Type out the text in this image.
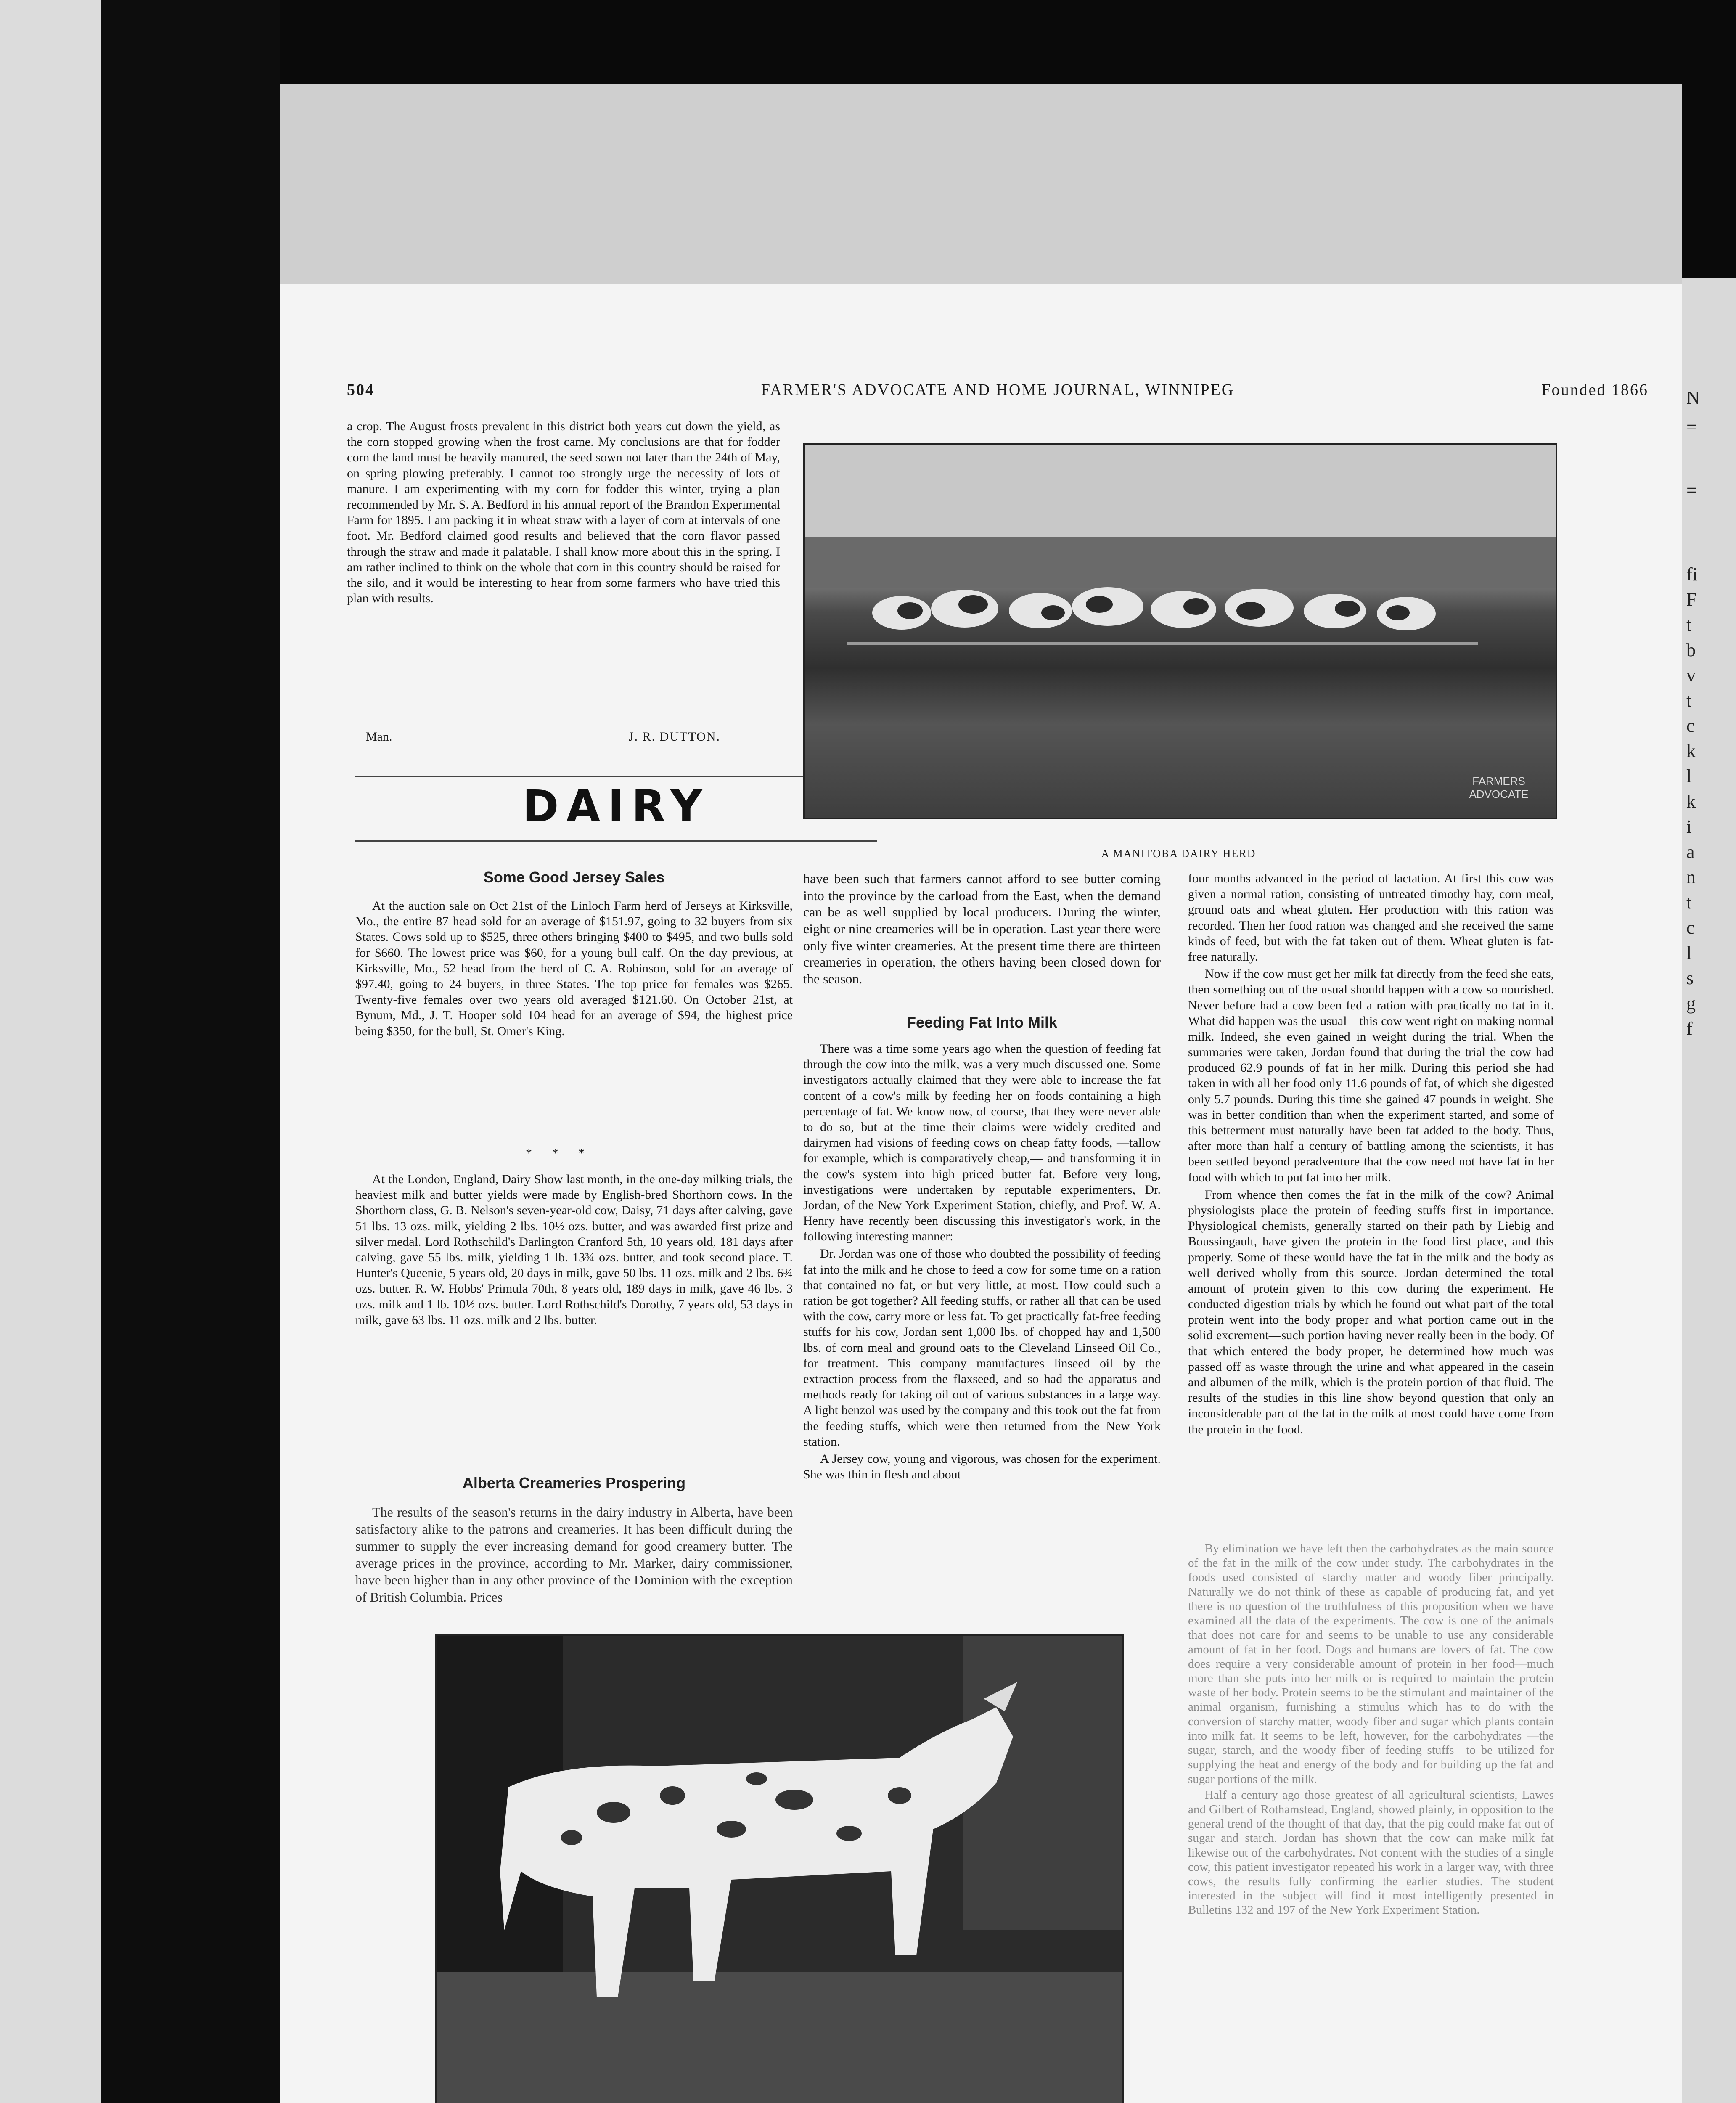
N
=
=
fi
F
t
b
v
t
c
k
l
k
i
a
n
t
c
l
s
g
f
504	FARMER'S ADVOCATE AND HOME JOURNAL, WINNIPEG	Founded 1866

a crop. The August frosts prevalent in this district both years cut down the yield, as the corn stopped growing when the frost came. My conclusions are that for fodder corn the land must be heavily manured, the seed sown not later than the 24th of May, on spring plowing preferably. I cannot too strongly urge the necessity of lots of manure. I am experimenting with my corn for fodder this winter, trying a plan recommended by Mr. S. A. Bedford in his annual report of the Brandon Experimental Farm for 1895. I am packing it in wheat straw with a layer of corn at intervals of one foot. Mr. Bedford claimed good results and believed that the corn flavor passed through the straw and made it palatable. I shall know more about this in the spring. I am rather inclined to think on the whole that corn in this country should be raised for the silo, and it would be interesting to hear from some farmers who have tried this plan with results.

Man.	J. R. DUTTON.
DAIRY	FARMERS ADVOCATE
A MANITOBA DAIRY HERD
Some Good Jersey Sales

At the auction sale on Oct 21st of the Linloch Farm herd of Jerseys at Kirksville, Mo., the entire 87 head sold for an average of $151.97, going to 32 buyers from six States. Cows sold up to $525, three others bringing $400 to $495, and two bulls sold for $660. The lowest price was $60, for a young bull calf. On the day previous, at Kirksville, Mo., 52 head from the herd of C. A. Robinson, sold for an average of $97.40, going to 24 buyers, in three States. The top price for females was $265. Twenty-five females over two years old averaged $121.60. On October 21st, at Bynum, Md., J. T. Hooper sold 104 head for an average of $94, the highest price being $350, for the bull, St. Omer's King.

* * *

At the London, England, Dairy Show last month, in the one-day milking trials, the heaviest milk and butter yields were made by English-bred Shorthorn cows. In the Shorthorn class, G. B. Nelson's seven-year-old cow, Daisy, 71 days after calving, gave 51 lbs. 13 ozs. milk, yielding 2 lbs. 10½ ozs. butter, and was awarded first prize and silver medal. Lord Rothschild's Darlington Cranford 5th, 10 years old, 181 days after calving, gave 55 lbs. milk, yielding 1 lb. 13¾ ozs. butter, and took second place. T. Hunter's Queenie, 5 years old, 20 days in milk, gave 50 lbs. 11 ozs. milk and 2 lbs. 6¾ ozs. butter. R. W. Hobbs' Primula 70th, 8 years old, 189 days in milk, gave 46 lbs. 3 ozs. milk and 1 lb. 10½ ozs. butter. Lord Rothschild's Dorothy, 7 years old, 53 days in milk, gave 63 lbs. 11 ozs. milk and 2 lbs. butter.

Alberta Creameries Prospering

The results of the season's returns in the dairy industry in Alberta, have been satisfactory alike to the patrons and creameries. It has been difficult during the summer to supply the ever increasing demand for good creamery butter. The average prices in the province, according to Mr. Marker, dairy commissioner, have been higher than in any other province of the Dominion with the exception of British Columbia. Prices

have been such that farmers cannot afford to see butter coming into the province by the carload from the East, when the demand can be as well supplied by local producers. During the winter, eight or nine creameries will be in operation. Last year there were only five winter creameries. At the present time there are thirteen creameries in operation, the others having been closed down for the season.

Feeding Fat Into Milk

There was a time some years ago when the question of feeding fat through the cow into the milk, was a very much discussed one. Some investigators actually claimed that they were able to increase the fat content of a cow's milk by feeding her on foods containing a high percentage of fat. We know now, of course, that they were never able to do so, but at the time their claims were widely credited and dairymen had visions of feeding cows on cheap fatty foods, —tallow for example, which is comparatively cheap,— and transforming it in the cow's system into high priced butter fat. Before very long, investigations were undertaken by reputable experimenters, Dr. Jordan, of the New York Experiment Station, chiefly, and Prof. W. A. Henry have recently been discussing this investigator's work, in the following interesting manner:

Dr. Jordan was one of those who doubted the possibility of feeding fat into the milk and he chose to feed a cow for some time on a ration that contained no fat, or but very little, at most. How could such a ration be got together? All feeding stuffs, or rather all that can be used with the cow, carry more or less fat. To get practically fat-free feeding stuffs for his cow, Jordan sent 1,000 lbs. of chopped hay and 1,500 lbs. of corn meal and ground oats to the Cleveland Linseed Oil Co., for treatment. This company manufactures linseed oil by the extraction process from the flaxseed, and so had the apparatus and methods ready for taking oil out of various substances in a large way. A light benzol was used by the company and this took out the fat from the feeding stuffs, which were then returned from the New York station.

A Jersey cow, young and vigorous, was chosen for the experiment. She was thin in flesh and about

four months advanced in the period of lactation. At first this cow was given a normal ration, consisting of untreated timothy hay, corn meal, ground oats and wheat gluten. Her production with this ration was recorded. Then her food ration was changed and she received the same kinds of feed, but with the fat taken out of them. Wheat gluten is fat-free naturally.

Now if the cow must get her milk fat directly from the feed she eats, then something out of the usual should happen with a cow so nourished. Never before had a cow been fed a ration with practically no fat in it. What did happen was the usual—this cow went right on making normal milk. Indeed, she even gained in weight during the trial. When the summaries were taken, Jordan found that during the trial the cow had produced 62.9 pounds of fat in her milk. During this period she had taken in with all her food only 11.6 pounds of fat, of which she digested only 5.7 pounds. During this time she gained 47 pounds in weight. She was in better condition than when the experiment started, and some of this betterment must naturally have been fat added to the body. Thus, after more than half a century of battling among the scientists, it has been settled beyond peradventure that the cow need not have fat in her food with which to put fat into her milk.

From whence then comes the fat in the milk of the cow? Animal physiologists place the protein of feeding stuffs first in importance. Physiological chemists, generally started on their path by Liebig and Boussingault, have given the protein in the food first place, and this properly. Some of these would have the fat in the milk and the body as well derived wholly from this source. Jordan determined the total amount of protein given to this cow during the experiment. He conducted digestion trials by which he found out what part of the total protein went into the body proper and what portion came out in the solid excrement—such portion having never really been in the body. Of that which entered the body proper, he determined how much was passed off as waste through the urine and what appeared in the casein and albumen of the milk, which is the protein portion of that fluid. The results of the studies in this line show beyond question that only an inconsiderable part of the fat in the milk at most could have come from the protein in the food.

By elimination we have left then the carbohydrates as the main source of the fat in the milk of the cow under study. The carbohydrates in the foods used consisted of starchy matter and woody fiber principally. Naturally we do not think of these as capable of producing fat, and yet there is no question of the truthfulness of this proposition when we have examined all the data of the experiments. The cow is one of the animals that does not care for and seems to be unable to use any considerable amount of fat in her food. Dogs and humans are lovers of fat. The cow does require a very considerable amount of protein in her food—much more than she puts into her milk or is required to maintain the protein waste of her body. Protein seems to be the stimulant and maintainer of the animal organism, furnishing a stimulus which has to do with the conversion of starchy matter, woody fiber and sugar which plants contain into milk fat. It seems to be left, however, for the carbohydrates —the sugar, starch, and the woody fiber of feeding stuffs—to be utilized for supplying the heat and energy of the body and for building up the fat and sugar portions of the milk.

Half a century ago those greatest of all agricultural scientists, Lawes and Gilbert of Rothamstead, England, showed plainly, in opposition to the general trend of the thought of that day, that the pig could make fat out of sugar and starch. Jordan has shown that the cow can make milk fat likewise out of the carbohydrates. Not content with the studies of a single cow, this patient investigator repeated his work in a larger way, with three cows, the results fully confirming the earlier studies. The student interested in the subject will find it most intelligently presented in Bulletins 132 and 197 of the New York Experiment Station.
